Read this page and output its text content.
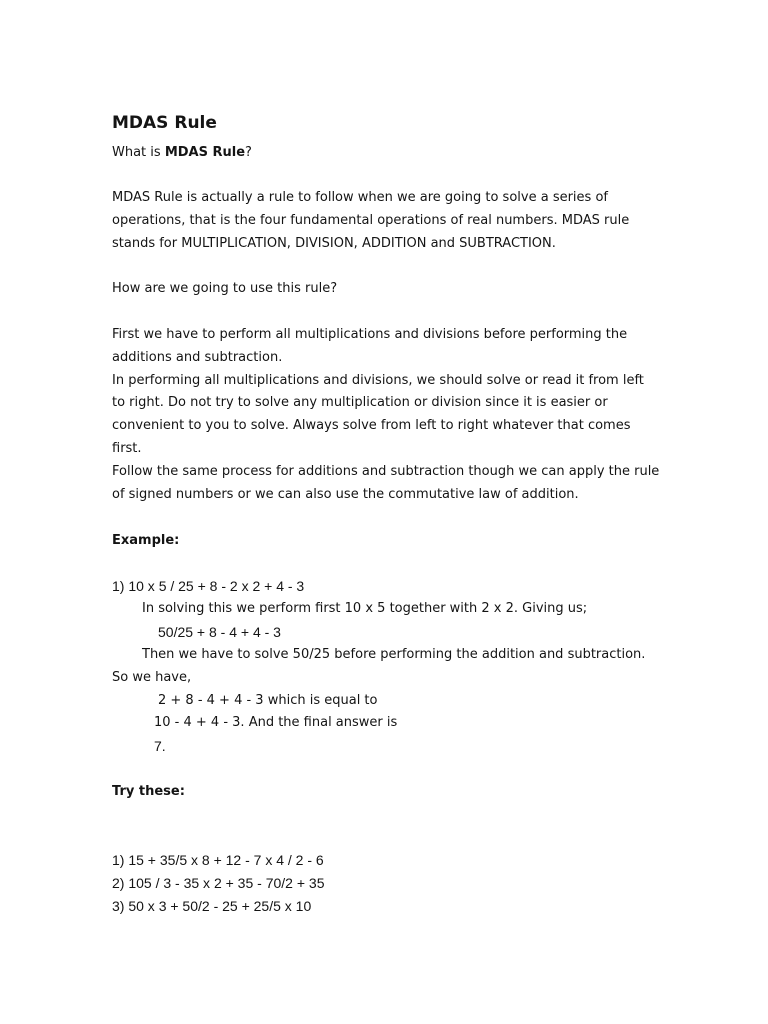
MDAS Rule
What is MDAS Rule?
MDAS Rule is actually a rule to follow when we are going to solve a series of
operations, that is the four fundamental operations of real numbers. MDAS rule
stands for MULTIPLICATION, DIVISION, ADDITION and SUBTRACTION.
How are we going to use this rule?
First we have to perform all multiplications and divisions before performing the
additions and subtraction.
In performing all multiplications and divisions, we should solve or read it from left
to right. Do not try to solve any multiplication or division since it is easier or
convenient to you to solve. Always solve from left to right whatever that comes
first.
Follow the same process for additions and subtraction though we can apply the rule
of signed numbers or we can also use the commutative law of addition.
Example:
1) 10 x 5 / 25 + 8 - 2 x 2 + 4 - 3
In solving this we perform first 10 x 5 together with 2 x 2. Giving us;
50/25 + 8 - 4 + 4 - 3
Then we have to solve 50/25 before performing the addition and subtraction.
So we have,
2 + 8 - 4 + 4 - 3 which is equal to
10 - 4 + 4 - 3. And the final answer is
7.
Try these:
1) 15 + 35/5 x 8 + 12 - 7 x 4 / 2 - 6
2) 105 / 3 - 35 x 2 + 35 - 70/2 + 35
3) 50 x 3 + 50/2 - 25 + 25/5 x 10
